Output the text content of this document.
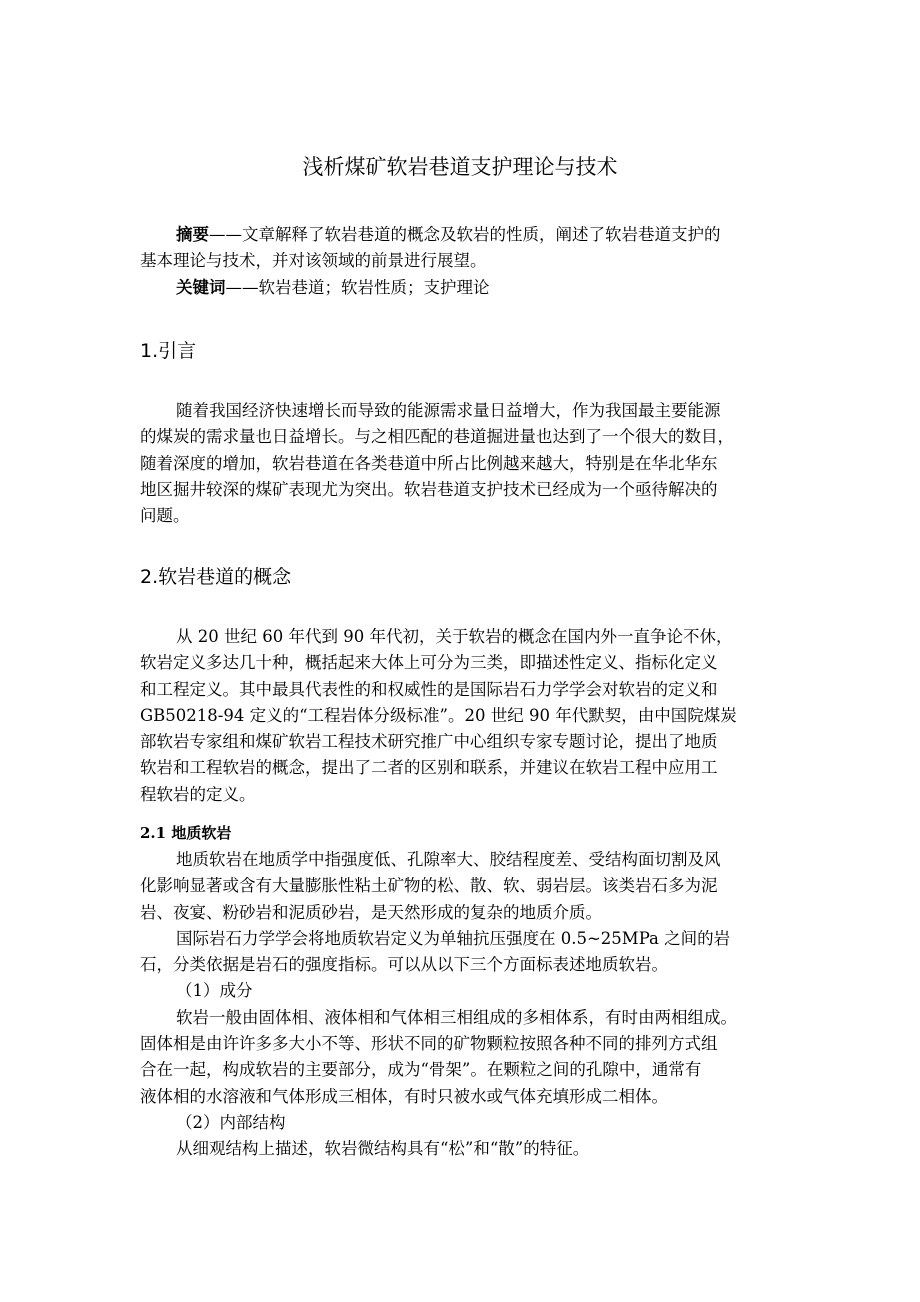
浅析煤矿软岩巷道支护理论与技术
摘要——文章解释了软岩巷道的概念及软岩的性质，阐述了软岩巷道支护的
基本理论与技术，并对该领域的前景进行展望。
关键词——软岩巷道；软岩性质；支护理论
1.引言
随着我国经济快速增长而导致的能源需求量日益增大，作为我国最主要能源
的煤炭的需求量也日益增长。与之相匹配的巷道掘进量也达到了一个很大的数目，
随着深度的增加，软岩巷道在各类巷道中所占比例越来越大，特别是在华北华东
地区掘井较深的煤矿表现尤为突出。软岩巷道支护技术已经成为一个亟待解决的
问题。
2.软岩巷道的概念
从 20 世纪 60 年代到 90 年代初，关于软岩的概念在国内外一直争论不休，
软岩定义多达几十种，概括起来大体上可分为三类，即描述性定义、指标化定义
和工程定义。其中最具代表性的和权威性的是国际岩石力学学会对软岩的定义和
GB50218-94 定义的“工程岩体分级标准”。20 世纪 90 年代默契，由中国院煤炭
部软岩专家组和煤矿软岩工程技术研究推广中心组织专家专题讨论，提出了地质
软岩和工程软岩的概念，提出了二者的区别和联系，并建议在软岩工程中应用工
程软岩的定义。
2.1 地质软岩
地质软岩在地质学中指强度低、孔隙率大、胶结程度差、受结构面切割及风
化影响显著或含有大量膨胀性粘土矿物的松、散、软、弱岩层。该类岩石多为泥
岩、夜宴、粉砂岩和泥质砂岩，是天然形成的复杂的地质介质。
国际岩石力学学会将地质软岩定义为单轴抗压强度在 0.5~25MPa 之间的岩
石，分类依据是岩石的强度指标。可以从以下三个方面标表述地质软岩。
（1）成分
软岩一般由固体相、液体相和气体相三相组成的多相体系，有时由两相组成。
固体相是由许许多多大小不等、形状不同的矿物颗粒按照各种不同的排列方式组
合在一起，构成软岩的主要部分，成为“骨架”。在颗粒之间的孔隙中，通常有
液体相的水溶液和气体形成三相体，有时只被水或气体充填形成二相体。
（2）内部结构
从细观结构上描述，软岩微结构具有“松”和“散”的特征。
